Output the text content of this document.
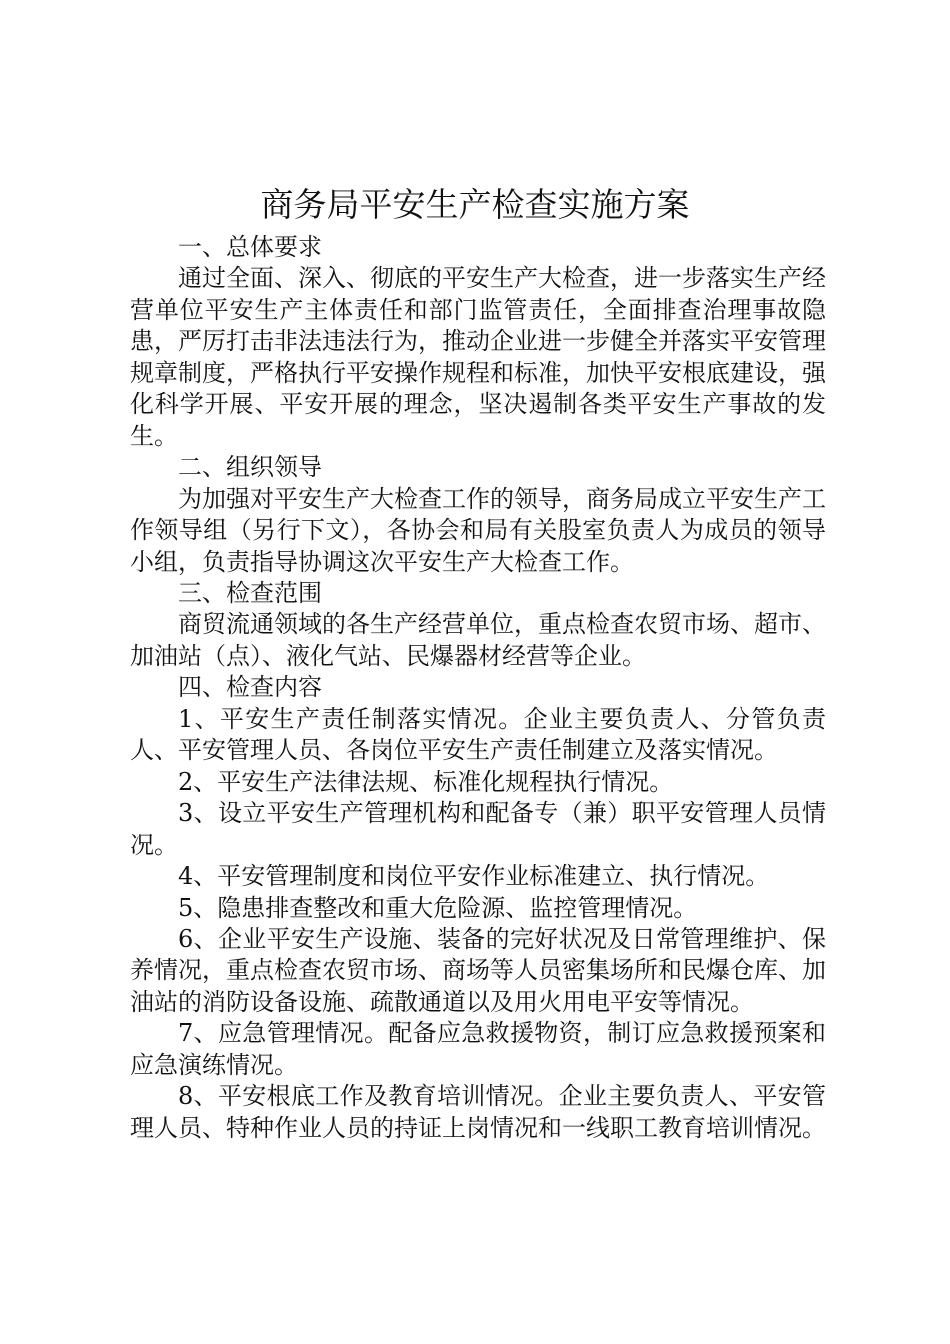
商务局平安生产检查实施方案

一、总体要求

通过全面、深入、彻底的平安生产大检查，进一步落实生产经营单位平安生产主体责任和部门监管责任，全面排查治理事故隐患，严厉打击非法违法行为，推动企业进一步健全并落实平安管理规章制度，严格执行平安操作规程和标准，加快平安根底建设，强化科学开展、平安开展的理念，坚决遏制各类平安生产事故的发生。

二、组织领导

为加强对平安生产大检查工作的领导，商务局成立平安生产工作领导组（另行下文），各协会和局有关股室负责人为成员的领导小组，负责指导协调这次平安生产大检查工作。

三、检查范围

商贸流通领域的各生产经营单位，重点检查农贸市场、超市、加油站（点）、液化气站、民爆器材经营等企业。

四、检查内容

1、平安生产责任制落实情况。企业主要负责人、分管负责人、平安管理人员、各岗位平安生产责任制建立及落实情况。

2、平安生产法律法规、标准化规程执行情况。

3、设立平安生产管理机构和配备专（兼）职平安管理人员情况。

4、平安管理制度和岗位平安作业标准建立、执行情况。

5、隐患排查整改和重大危险源、监控管理情况。

6、企业平安生产设施、装备的完好状况及日常管理维护、保养情况，重点检查农贸市场、商场等人员密集场所和民爆仓库、加油站的消防设备设施、疏散通道以及用火用电平安等情况。

7、应急管理情况。配备应急救援物资，制订应急救援预案和应急演练情况。

8、平安根底工作及教育培训情况。企业主要负责人、平安管理人员、特种作业人员的持证上岗情况和一线职工教育培训情况。
